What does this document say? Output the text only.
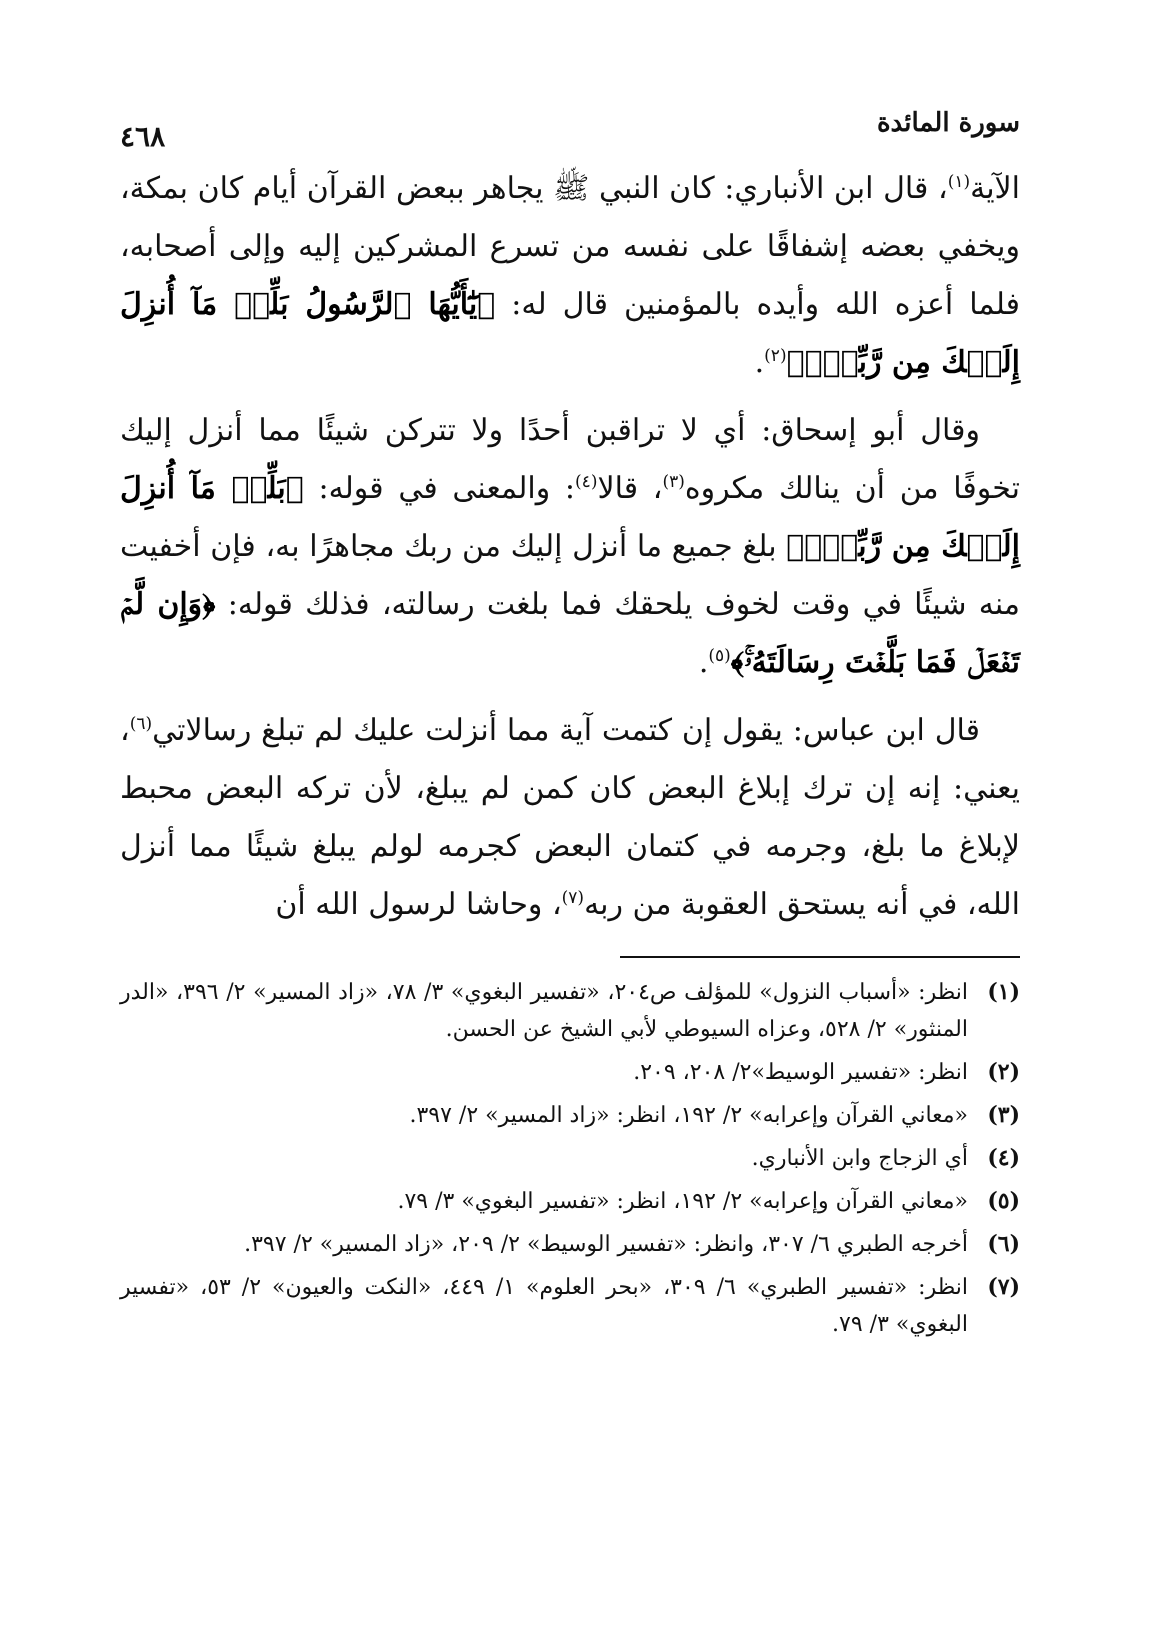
سورة المائدة
٤٦٨

الآية$^{(١)}$، قال ابن الأنباري: كان النبي ﷺ يجاهر ببعض القرآن أيام كان بمكة، ويخفي بعضه إشفاقًا على نفسه من تسرع المشركين إليه وإلى أصحابه، فلما أعزه الله وأيده بالمؤمنين قال له: ﴿يَٰٓأَيُّهَا ٱلرَّسُولُ بَلِّغۡ مَآ أُنزِلَ إِلَيۡكَ مِن رَّبِّكَۖ﴾$^{(٢)}$.

وقال أبو إسحاق: أي لا تراقبن أحدًا ولا تتركن شيئًا مما أنزل إليك تخوفًا من أن ينالك مكروه$^{(٣)}$، قالا$^{(٤)}$: والمعنى في قوله: ﴿بَلِّغۡ مَآ أُنزِلَ إِلَيۡكَ مِن رَّبِّكَۖ﴾ بلغ جميع ما أنزل إليك من ربك مجاهرًا به، فإن أخفيت منه شيئًا في وقت لخوف يلحقك فما بلغت رسالته، فذلك قوله: ﴿وَإِن لَّمۡ تَفۡعَلۡ فَمَا بَلَّغۡتَ رِسَالَتَهُۥۚ﴾$^{(٥)}$.

قال ابن عباس: يقول إن كتمت آية مما أنزلت عليك لم تبلغ رسالاتي$^{(٦)}$، يعني: إنه إن ترك إبلاغ البعض كان كمن لم يبلغ، لأن تركه البعض محبط لإبلاغ ما بلغ، وجرمه في كتمان البعض كجرمه لولم يبلغ شيئًا مما أنزل الله، في أنه يستحق العقوبة من ربه$^{(٧)}$، وحاشا لرسول الله أن

(١)
انظر: «أسباب النزول» للمؤلف ص٢٠٤، «تفسير البغوي» ٣/ ٧٨، «زاد المسير» ٢/ ٣٩٦، «الدر المنثور» ٢/ ٥٢٨، وعزاه السيوطي لأبي الشيخ عن الحسن.
(٢)
انظر: «تفسير الوسيط»٢/ ٢٠٨، ٢٠٩.
(٣)
«معاني القرآن وإعرابه» ٢/ ١٩٢، انظر: «زاد المسير» ٢/ ٣٩٧.
(٤)
أي الزجاج وابن الأنباري.
(٥)
«معاني القرآن وإعرابه» ٢/ ١٩٢، انظر: «تفسير البغوي» ٣/ ٧٩.
(٦)
أخرجه الطبري ٦/ ٣٠٧، وانظر: «تفسير الوسيط» ٢/ ٢٠٩، «زاد المسير» ٢/ ٣٩٧.
(٧)
انظر: «تفسير الطبري» ٦/ ٣٠٩، «بحر العلوم» ١/ ٤٤٩، «النكت والعيون» ٢/ ٥٣، «تفسير البغوي» ٣/ ٧٩.
